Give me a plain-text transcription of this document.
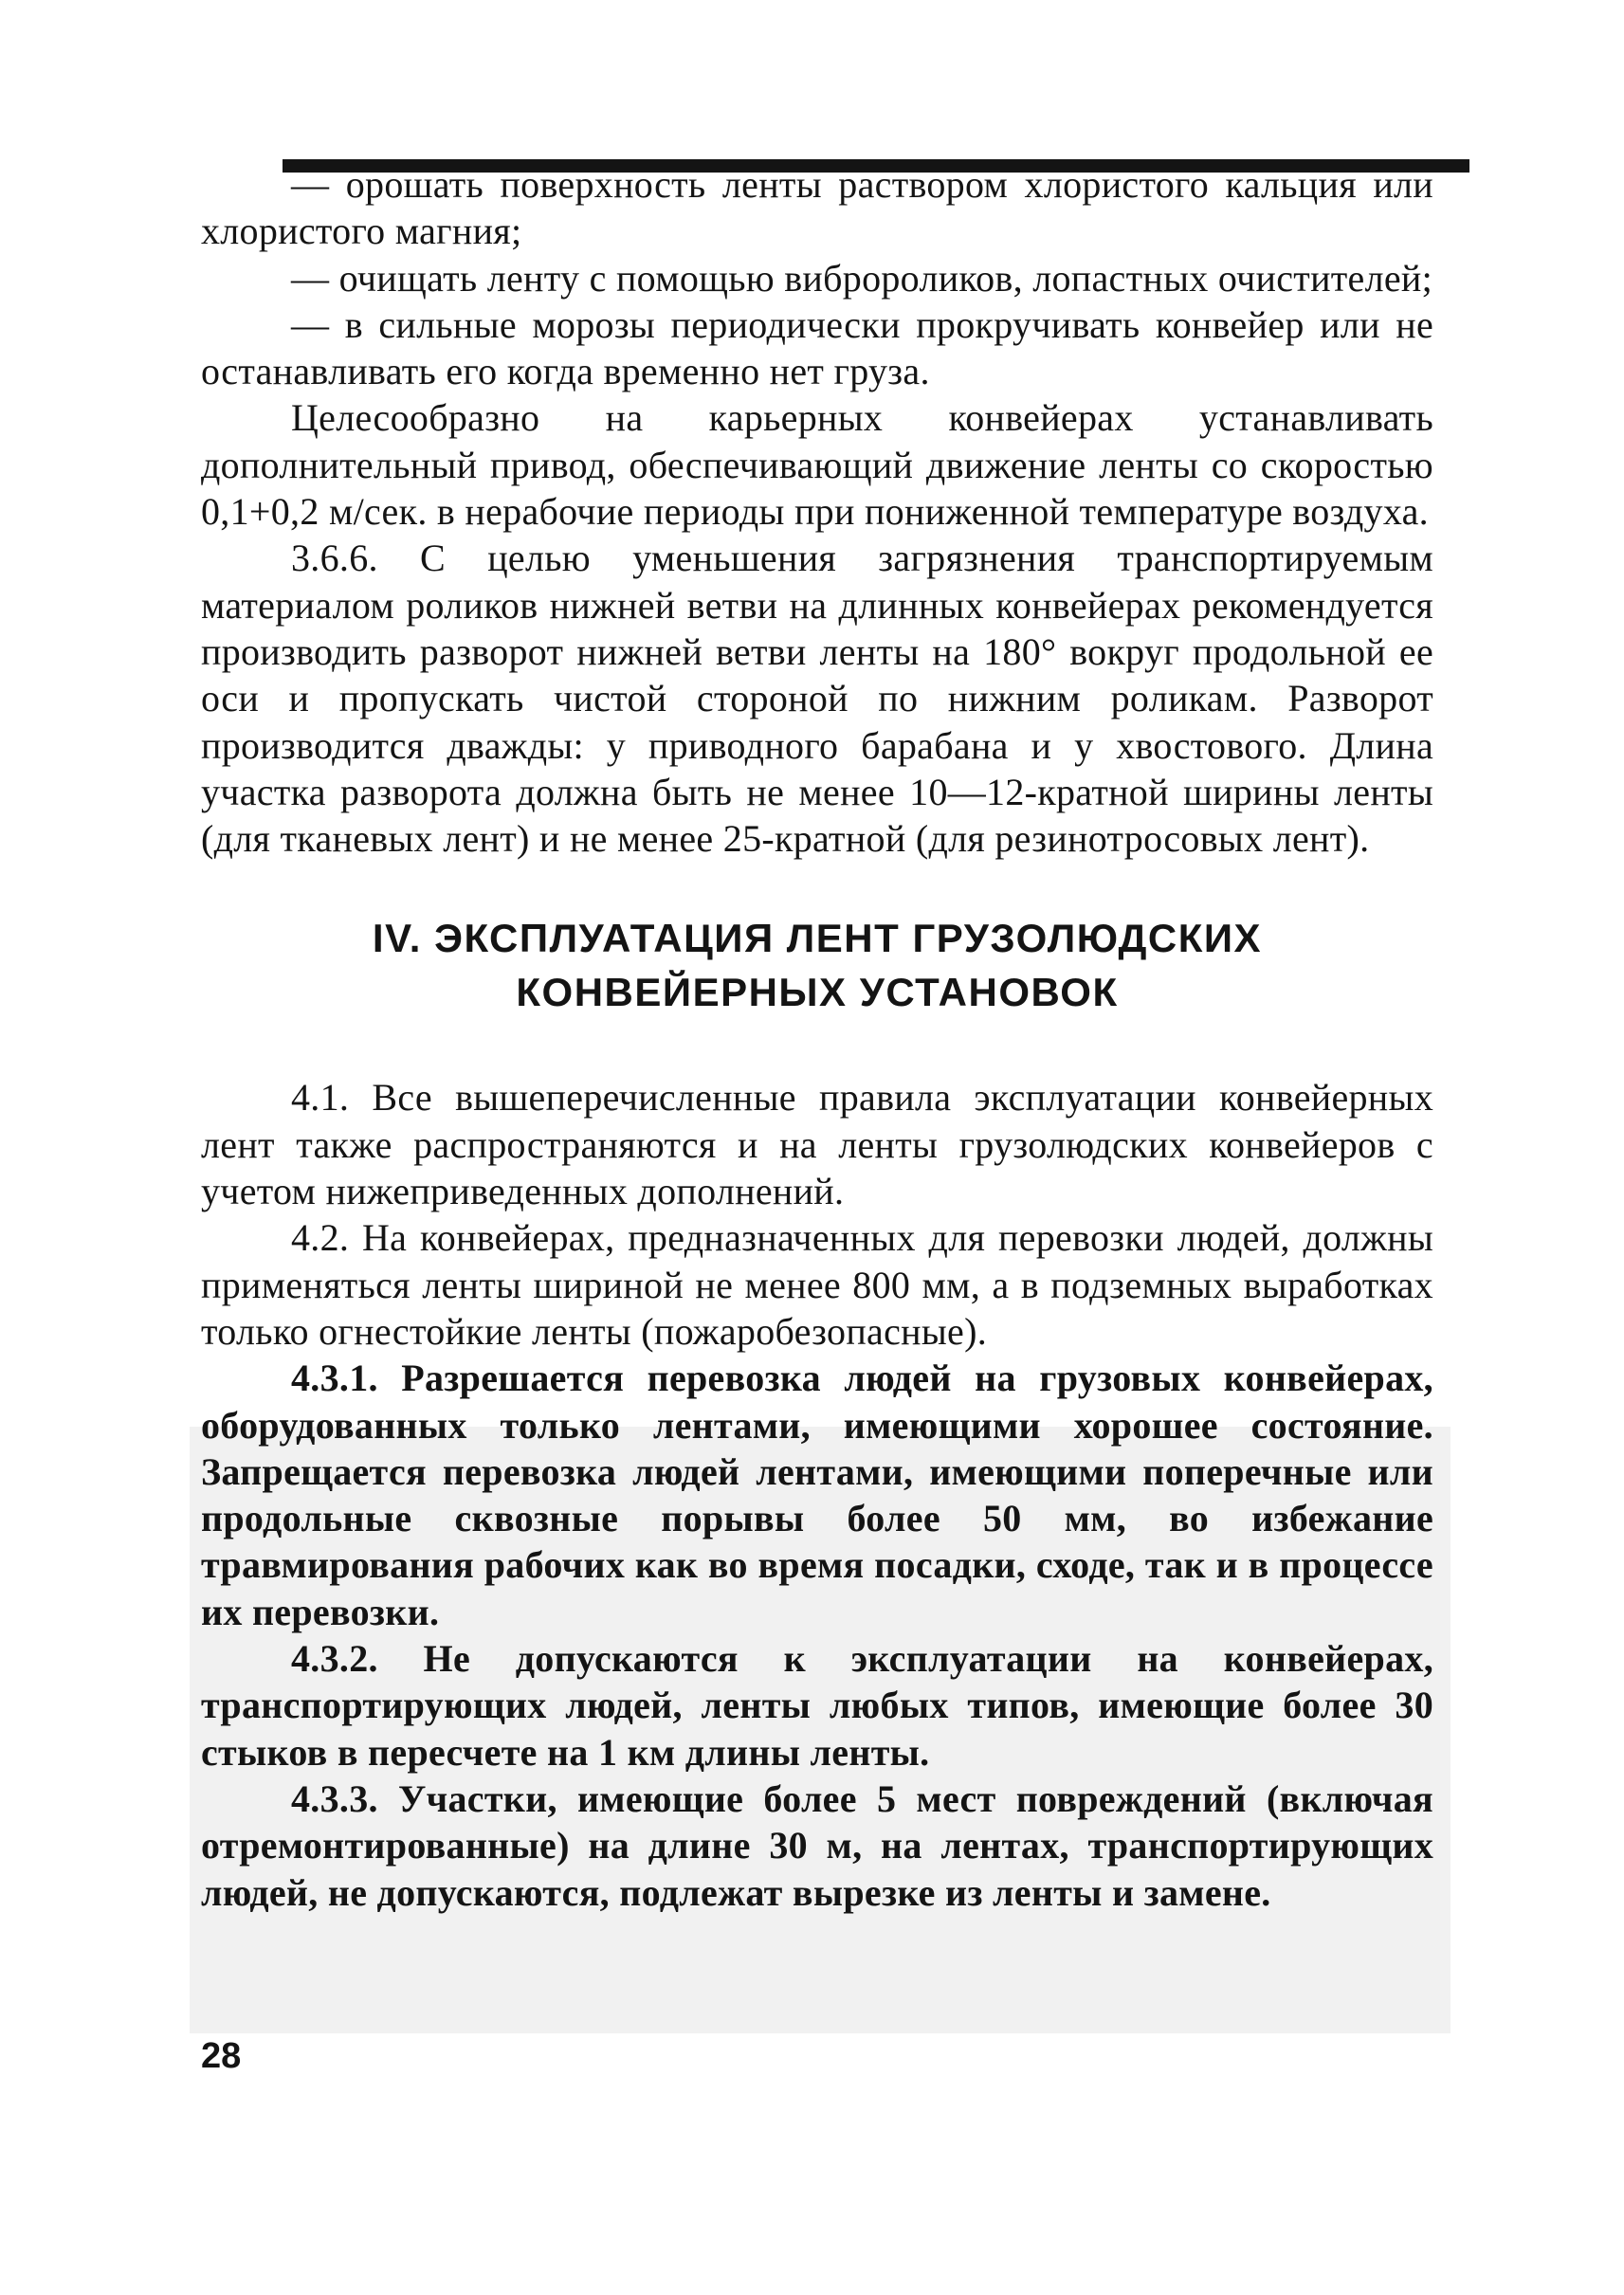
— орошать поверхность ленты раствором хлористого кальция или хлористого магния;

— очищать ленту с помощью вибророликов, лопастных очистителей;

— в сильные морозы периодически прокручивать конвейер или не останавливать его когда временно нет груза.

Целесообразно на карьерных конвейерах устанавливать дополнительный привод, обеспечивающий движение ленты со скоростью 0,1+0,2 м/сек. в нерабочие периоды при пониженной температуре воздуха.

3.6.6. С целью уменьшения загрязнения транспортируемым материалом роликов нижней ветви на длинных конвейерах рекомендуется производить разворот нижней ветви ленты на 180° вокруг продольной ее оси и пропускать чистой стороной по нижним роликам. Разворот производится дважды: у приводного барабана и у хвостового. Длина участка разворота должна быть не менее 10—12-кратной ширины ленты (для тканевых лент) и не менее 25-кратной (для резинотросовых лент).

IV. ЭКСПЛУАТАЦИЯ ЛЕНТ ГРУЗОЛЮДСКИХ
КОНВЕЙЕРНЫХ УСТАНОВОК

4.1. Все вышеперечисленные правила эксплуатации конвейерных лент также распространяются и на ленты грузолюдских конвейеров с учетом нижеприведенных дополнений.

4.2. На конвейерах, предназначенных для перевозки людей, должны применяться ленты шириной не менее 800 мм, а в подземных выработках только огнестойкие ленты (пожаробезопасные).

4.3.1. Разрешается перевозка людей на грузовых конвейерах, оборудованных только лентами, имеющими хорошее состояние. Запрещается перевозка людей лентами, имеющими поперечные или продольные сквозные порывы более 50 мм, во избежание травмирования рабочих как во время посадки, сходе, так и в процессе их перевозки.

4.3.2. Не допускаются к эксплуатации на конвейерах, транспортирующих людей, ленты любых типов, имеющие более 30 стыков в пересчете на 1 км длины ленты.

4.3.3. Участки, имеющие более 5 мест повреждений (включая отремонтированные) на длине 30 м, на лентах, транспортирующих людей, не допускаются, подлежат вырезке из ленты и замене.

28
